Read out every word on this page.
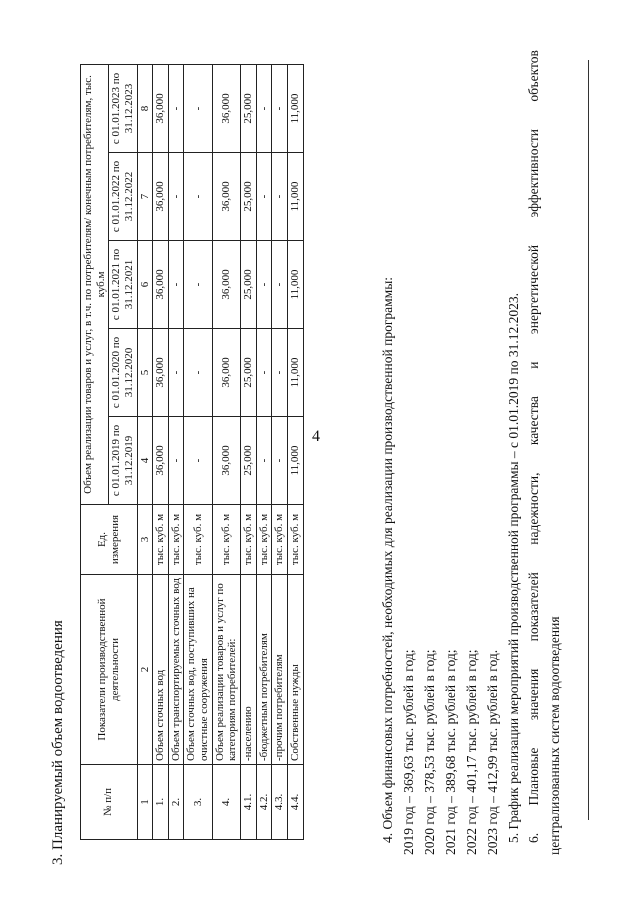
4
3. Планируемый объем водоотведения	№ п/п	Показатели производственной деятельности	Ед. измерения	Объем реализации товаров и услуг, в т.ч. по потребителям/ конечным потребителям, тыс. куб.м				
			с 01.01.2019 по 31.12.2019	с 01.01.2020 по 31.12.2020	с 01.01.2021 по 31.12.2021	с 01.01.2022 по 31.12.2022	с 01.01.2023 по 31.12.2023
1	2	3	4	5	6	7	8
1.	Объем сточных вод	тыс. куб. м	36,000	36,000	36,000	36,000	36,000
2.	Объем транспортируемых сточных вод	тыс. куб. м	-	-	-	-	-
3.	Объем сточных вод, поступивших на очистные сооружения	тыс. куб. м	-	-	-	-	-
4.	Объем реализации товаров и услуг по категориям потребителей:	тыс. куб. м	36,000	36,000	36,000	36,000	36,000
4.1.	-населению	тыс. куб. м	25,000	25,000	25,000	25,000	25,000
4.2.	-бюджетным потребителям	тыс. куб. м	-	-	-	-	-
4.3.	-прочим потребителям	тыс. куб. м	-	-	-	-	-
4.4.	Собственные нужды	тыс. куб. м	11,000	11,000	11,000	11,000	11,000

4. Объем финансовых потребностей, необходимых для реализации производственной программы: 2019 год – 369,63 тыс. рублей в год; 2020 год – 378,53 тыс. рублей в год; 2021 год – 389,68 тыс. рублей в год; 2022 год – 401,17 тыс. рублей в год; 2023 год – 412,99 тыс. рублей в год. 5. График реализации мероприятий производственной программы – с 01.01.2019 по 31.12.2023. 6.
Плановые
значения
показателей
надежности,
качества
и
энергетической
эффективности
объектов

централизованных систем водоотведения
